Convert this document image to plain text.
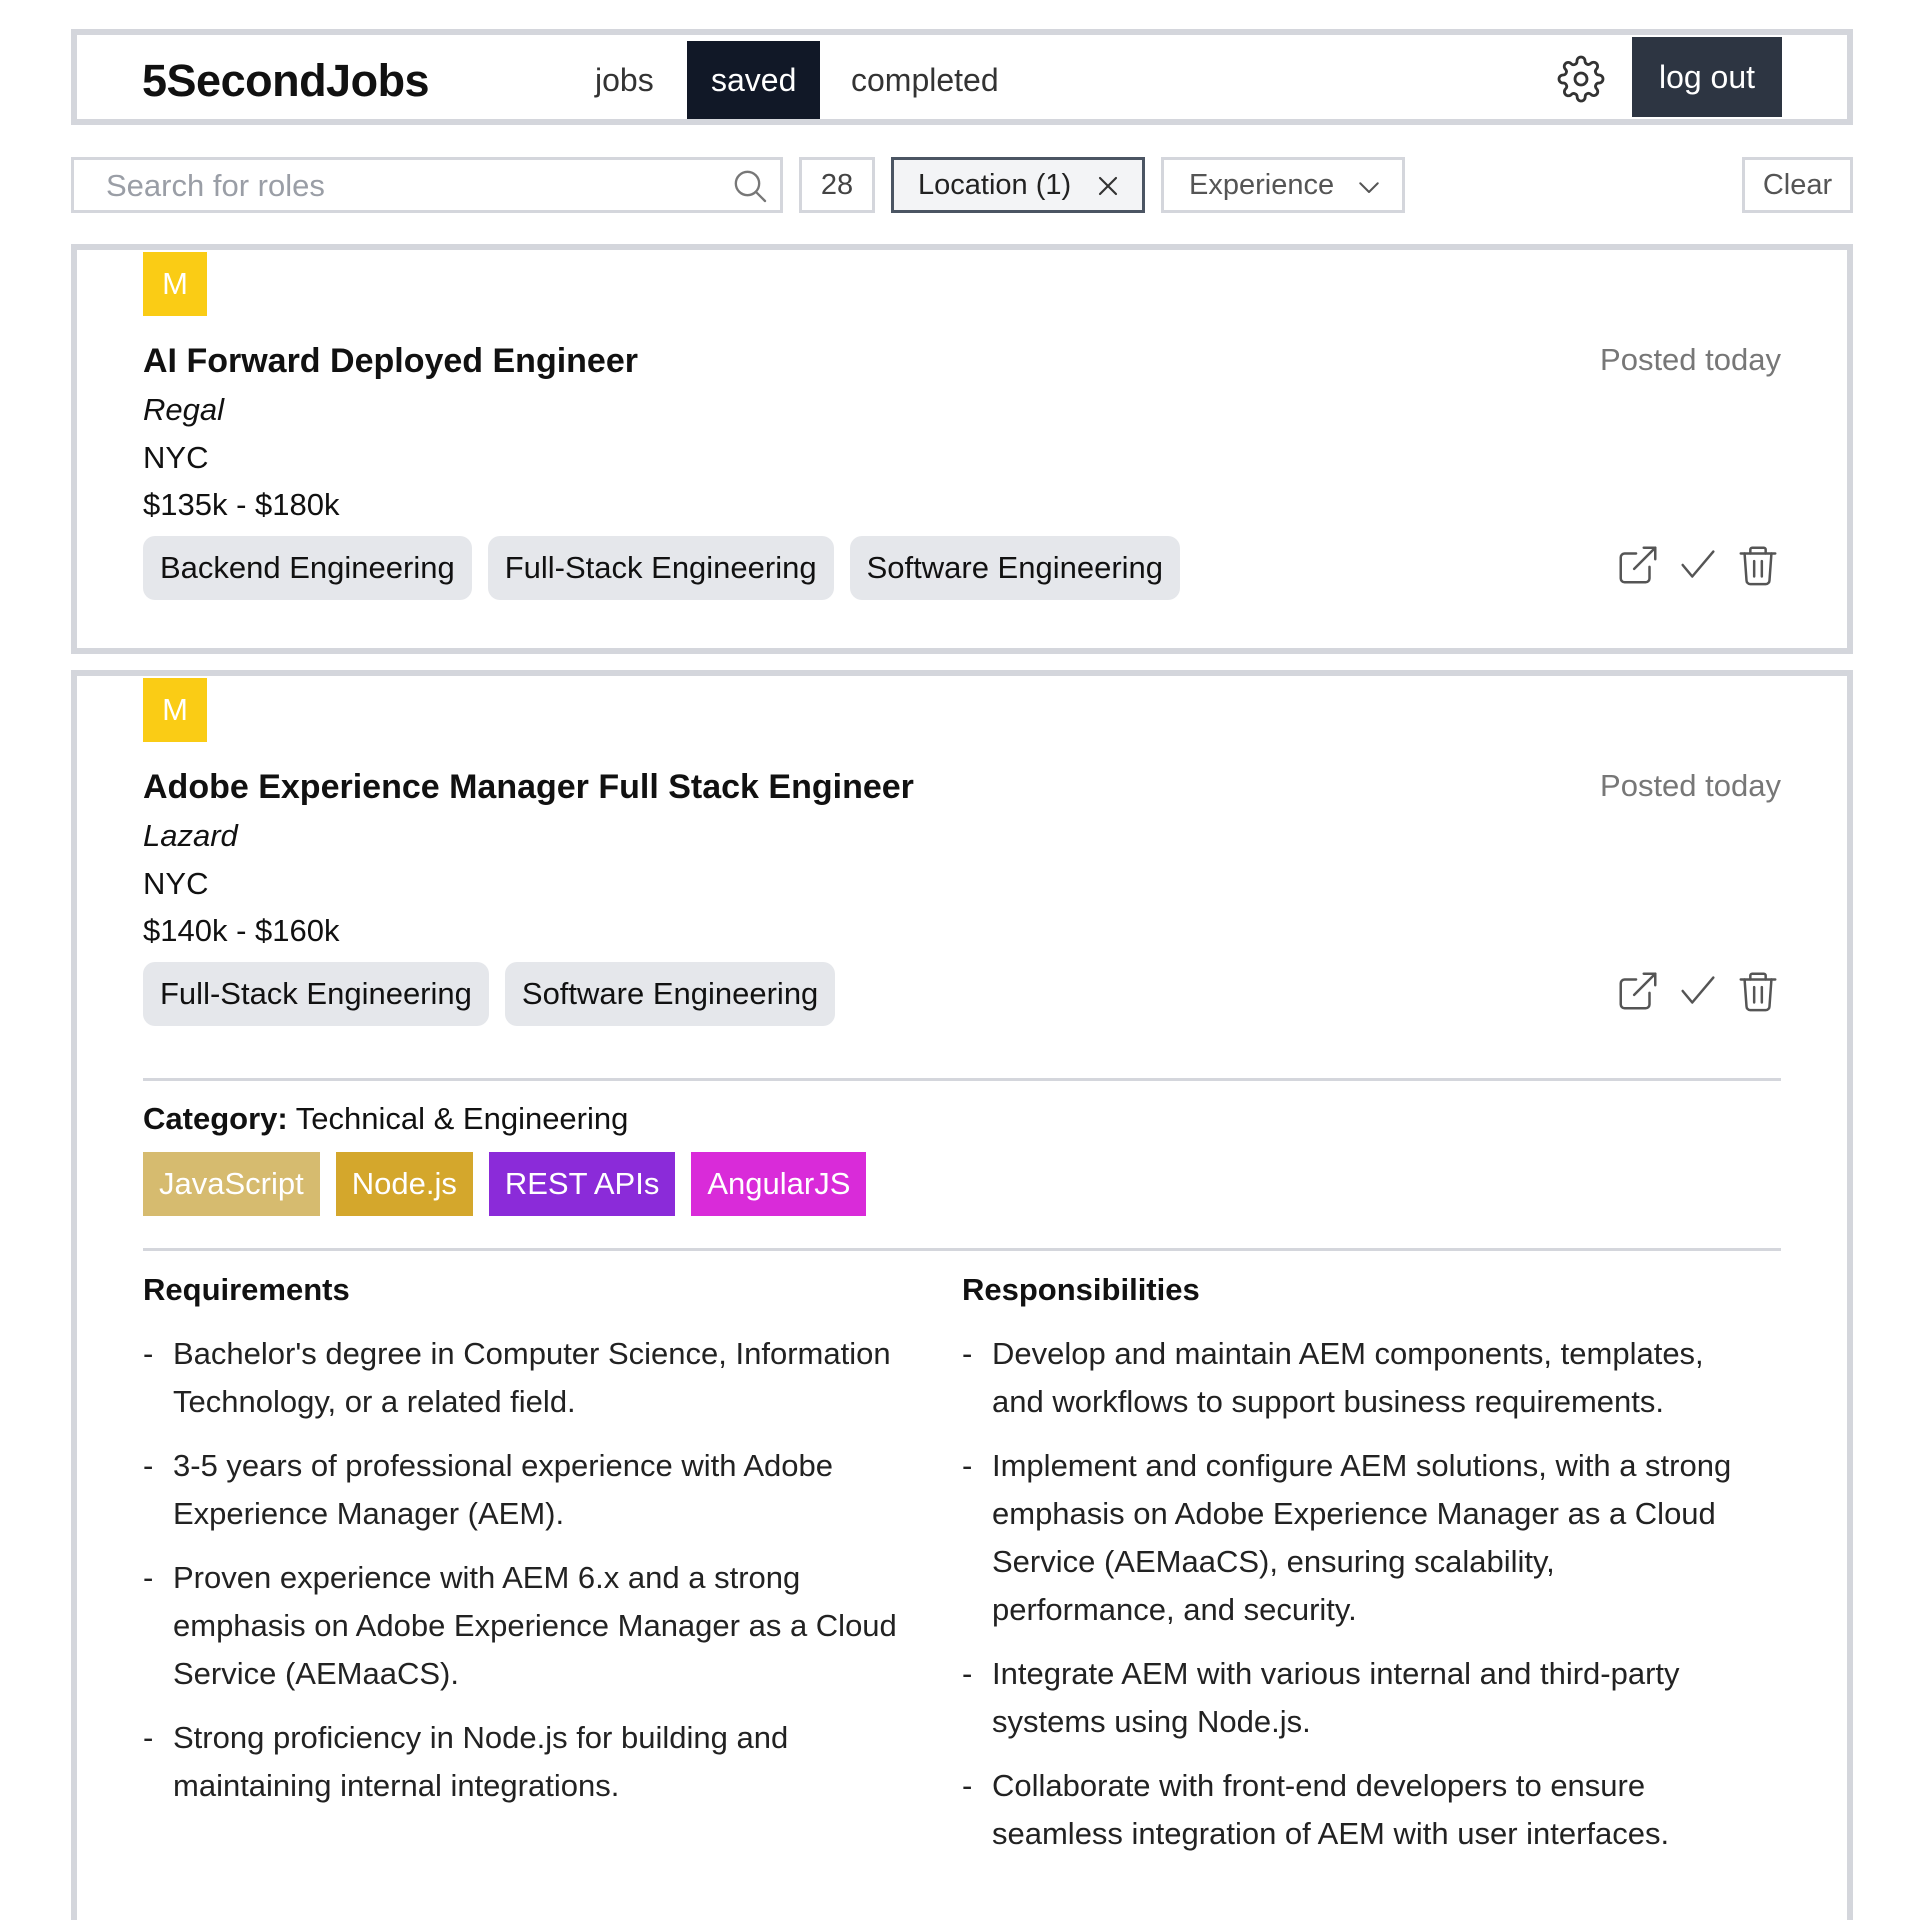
5SecondJobs	jobs	saved	completed	log out
Search for roles	28	Location (1)	Experience	Clear
M
AI Forward Deployed Engineer	Posted today
Regal
NYC
$135k - $180k
Backend Engineering	Full-Stack Engineering	Software Engineering
M
Adobe Experience Manager Full Stack Engineer	Posted today
Lazard
NYC
$140k - $160k
Full-Stack Engineering	Software Engineering
Category: Technical & Engineering
JavaScript	Node.js	REST APIs	AngularJS
Requirements
- Bachelor's degree in Computer Science, Information Technology, or a related field.
- 3-5 years of professional experience with Adobe Experience Manager (AEM).
- Proven experience with AEM 6.x and a strong emphasis on Adobe Experience Manager as a Cloud Service (AEMaaCS).
- Strong proficiency in Node.js for building and maintaining internal integrations.
Responsibilities
- Develop and maintain AEM components, templates, and workflows to support business requirements.
- Implement and configure AEM solutions, with a strong emphasis on Adobe Experience Manager as a Cloud Service (AEMaaCS), ensuring scalability, performance, and security.
- Integrate AEM with various internal and third-party systems using Node.js.
- Collaborate with front-end developers to ensure seamless integration of AEM with user interfaces.
